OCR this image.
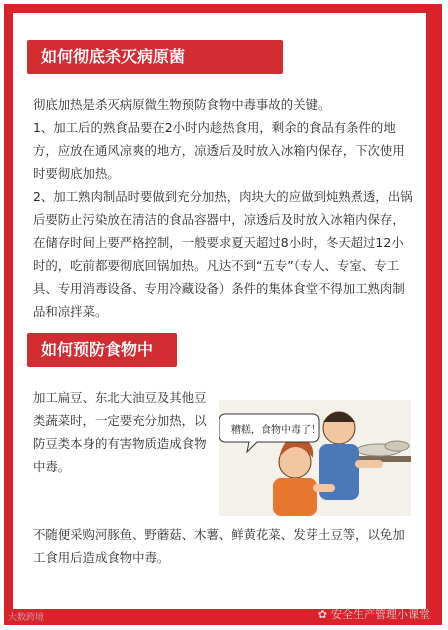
如何彻底杀灭病原菌

彻底加热是杀灭病原微生物预防食物中毒事故的关键。
1、加工后的熟食品要在2小时内趁热食用，剩余的食品有条件的地方，应放在通风凉爽的地方，凉透后及时放入冰箱内保存，下次使用时要彻底加热。
2、加工熟肉制品时要做到充分加热，肉块大的应做到炖熟煮透，出锅后要防止污染放在清洁的食品容器中，凉透后及时放入冰箱内保存，在储存时间上要严格控制，一般要求夏天超过8小时，冬天超过12小时的，吃前都要彻底回锅加热。凡达不到“五专”（专人、专室、专工具、专用消毒设备、专用冷藏设备）条件的集体食堂不得加工熟肉制品和凉拌菜。

如何预防食物中毒

加工扁豆、东北大油豆及其他豆类蔬菜时，一定要充分加热，以防豆类本身的有害物质造成食物中毒。

糟糕，食物中毒了！

不随便采购河豚鱼、野蘑菇、木薯、鲜黄花菜、发芽土豆等，以免加工食用后造成食物中毒。

大数跨境	✿ 安全生产管理小课堂
